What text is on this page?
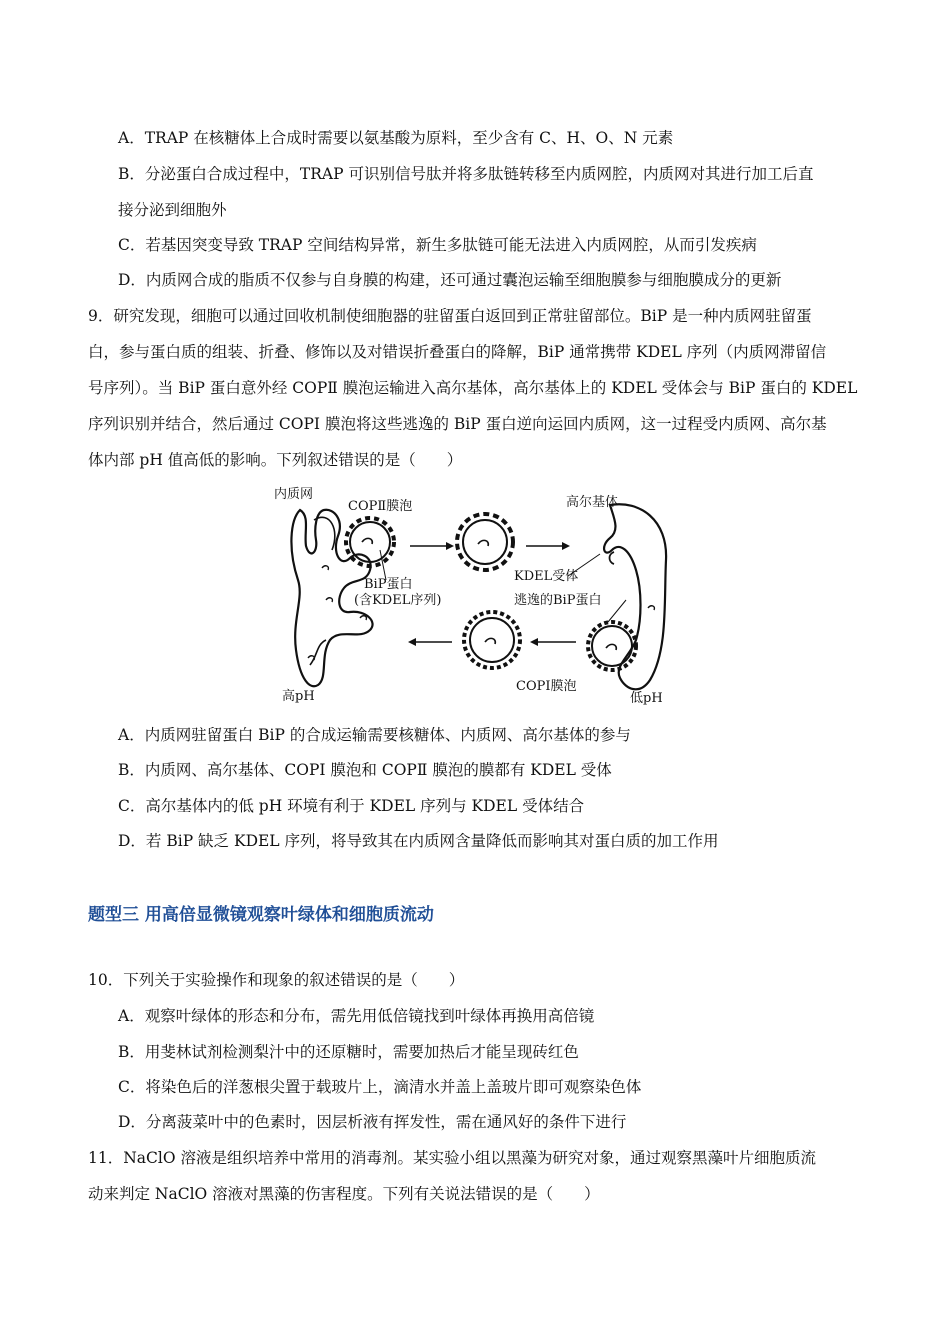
A．TRAP 在核糖体上合成时需要以氨基酸为原料，至少含有 C、H、O、N 元素
B．分泌蛋白合成过程中，TRAP 可识别信号肽并将多肽链转移至内质网腔，内质网对其进行加工后直
接分泌到细胞外
C．若基因突变导致 TRAP 空间结构异常，新生多肽链可能无法进入内质网腔，从而引发疾病
D．内质网合成的脂质不仅参与自身膜的构建，还可通过囊泡运输至细胞膜参与细胞膜成分的更新
9．研究发现，细胞可以通过回收机制使细胞器的驻留蛋白返回到正常驻留部位。BiP 是一种内质网驻留蛋
白，参与蛋白质的组装、折叠、修饰以及对错误折叠蛋白的降解，BiP 通常携带 KDEL 序列（内质网滞留信
号序列）。当 BiP 蛋白意外经 COPⅡ 膜泡运输进入高尔基体，高尔基体上的 KDEL 受体会与 BiP 蛋白的 KDEL
序列识别并结合，然后通过 COPⅠ 膜泡将这些逃逸的 BiP 蛋白逆向运回内质网，这一过程受内质网、高尔基
体内部 pH 值高低的影响。下列叙述错误的是（　　）
内质网
COPⅡ膜泡	高尔基体
KDEL受体
BiP蛋白
(含KDEL序列)	逃逸的BiP蛋白
COPⅠ膜泡
高pH	低pH
A．内质网驻留蛋白 BiP 的合成运输需要核糖体、内质网、高尔基体的参与
B．内质网、高尔基体、COPⅠ 膜泡和 COPⅡ 膜泡的膜都有 KDEL 受体
C．高尔基体内的低 pH 环境有利于 KDEL 序列与 KDEL 受体结合
D．若 BiP 缺乏 KDEL 序列，将导致其在内质网含量降低而影响其对蛋白质的加工作用
题型三 用高倍显微镜观察叶绿体和细胞质流动
10．下列关于实验操作和现象的叙述错误的是（　　）
A．观察叶绿体的形态和分布，需先用低倍镜找到叶绿体再换用高倍镜
B．用斐林试剂检测梨汁中的还原糖时，需要加热后才能呈现砖红色
C．将染色后的洋葱根尖置于载玻片上，滴清水并盖上盖玻片即可观察染色体
D．分离菠菜叶中的色素时，因层析液有挥发性，需在通风好的条件下进行
11．NaClO 溶液是组织培养中常用的消毒剂。某实验小组以黑藻为研究对象，通过观察黑藻叶片细胞质流
动来判定 NaClO 溶液对黑藻的伤害程度。下列有关说法错误的是（　　）
